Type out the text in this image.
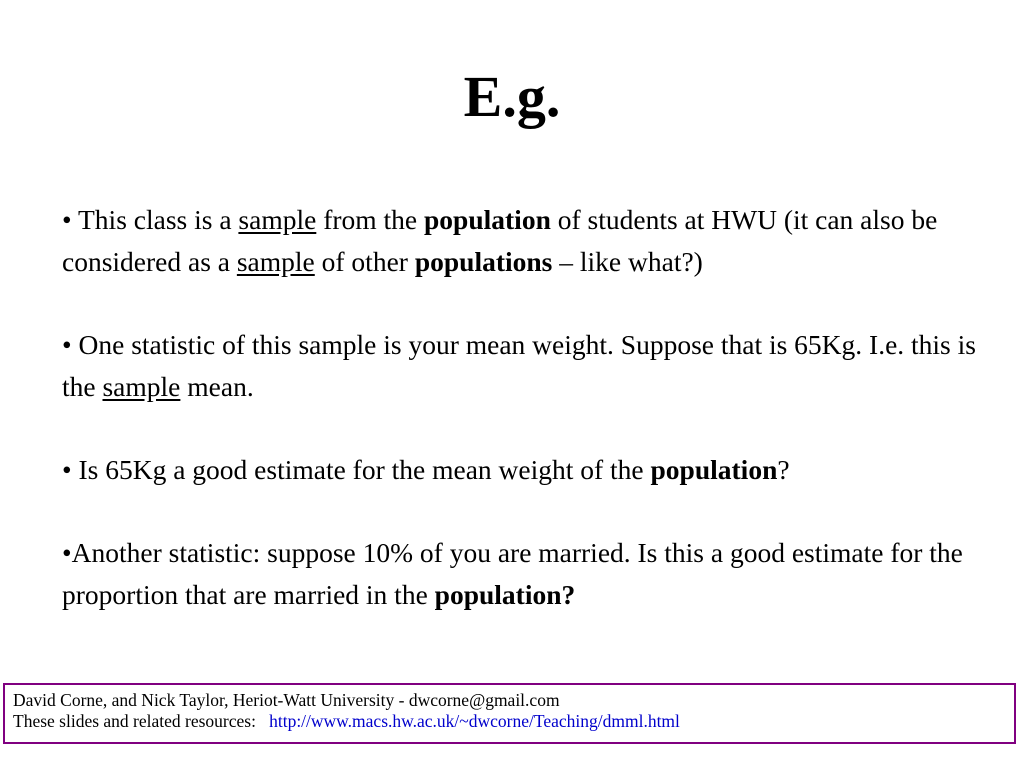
E.g.

• This class is a sample from the population of students at HWU (it can also be considered as a sample of other populations – like what?)

• One statistic of this sample is your mean weight. Suppose that is 65Kg. I.e. this is the sample mean.

• Is 65Kg a good estimate for the mean weight of the population?

•Another statistic: suppose 10% of you are married. Is this a good estimate for the proportion that are married in the population?

David Corne, and Nick Taylor, Heriot-Watt University - dwcorne@gmail.com
These slides and related resources: http://www.macs.hw.ac.uk/~dwcorne/Teaching/dmml.html
